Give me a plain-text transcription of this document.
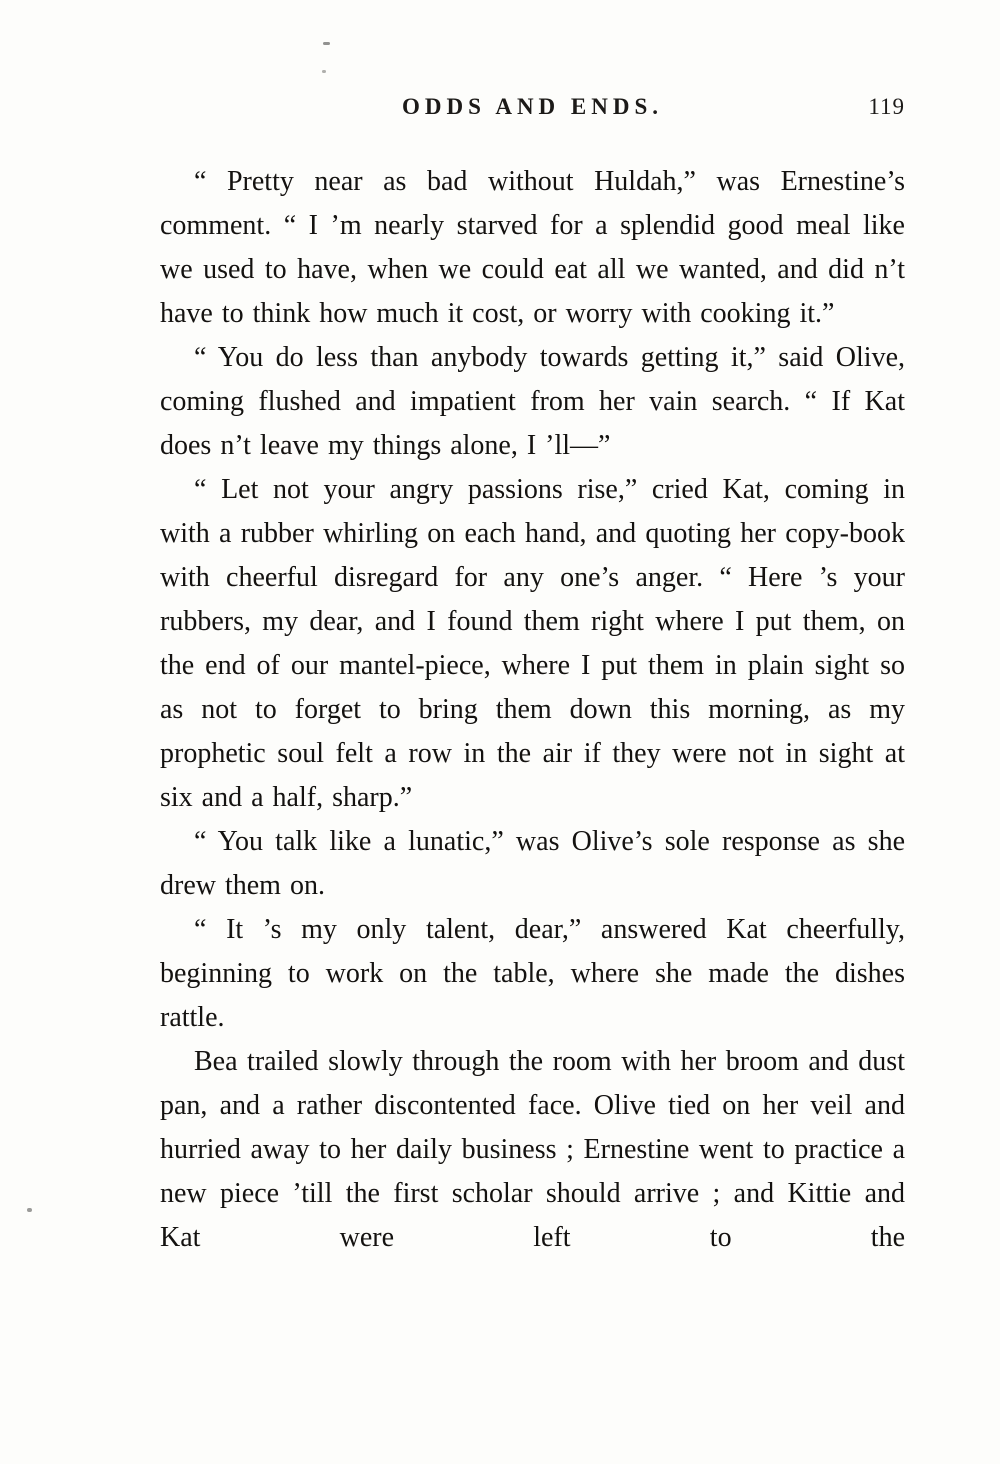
ODDS AND ENDS.	119

“ Pretty near as bad without Huldah,” was Ernestine’s comment. “ I ’m nearly starved for a splendid good meal like we used to have, when we could eat all we wanted, and did n’t have to think how much it cost, or worry with cooking it.”

“ You do less than anybody towards getting it,” said Olive, coming flushed and impatient from her vain search. “ If Kat does n’t leave my things alone, I ’ll—”

“ Let not your angry passions rise,” cried Kat, coming in with a rubber whirling on each hand, and quoting her copy-book with cheerful disregard for any one’s anger. “ Here ’s your rubbers, my dear, and I found them right where I put them, on the end of our mantel-piece, where I put them in plain sight so as not to forget to bring them down this morning, as my prophetic soul felt a row in the air if they were not in sight at six and a half, sharp.”

“ You talk like a lunatic,” was Olive’s sole response as she drew them on.

“ It ’s my only talent, dear,” answered Kat cheerfully, beginning to work on the table, where she made the dishes rattle.

Bea trailed slowly through the room with her broom and dust pan, and a rather discontented face. Olive tied on her veil and hurried away to her daily business ; Ernestine went to practice a new piece ’till the first scholar should arrive ; and Kittie and Kat were left to the
